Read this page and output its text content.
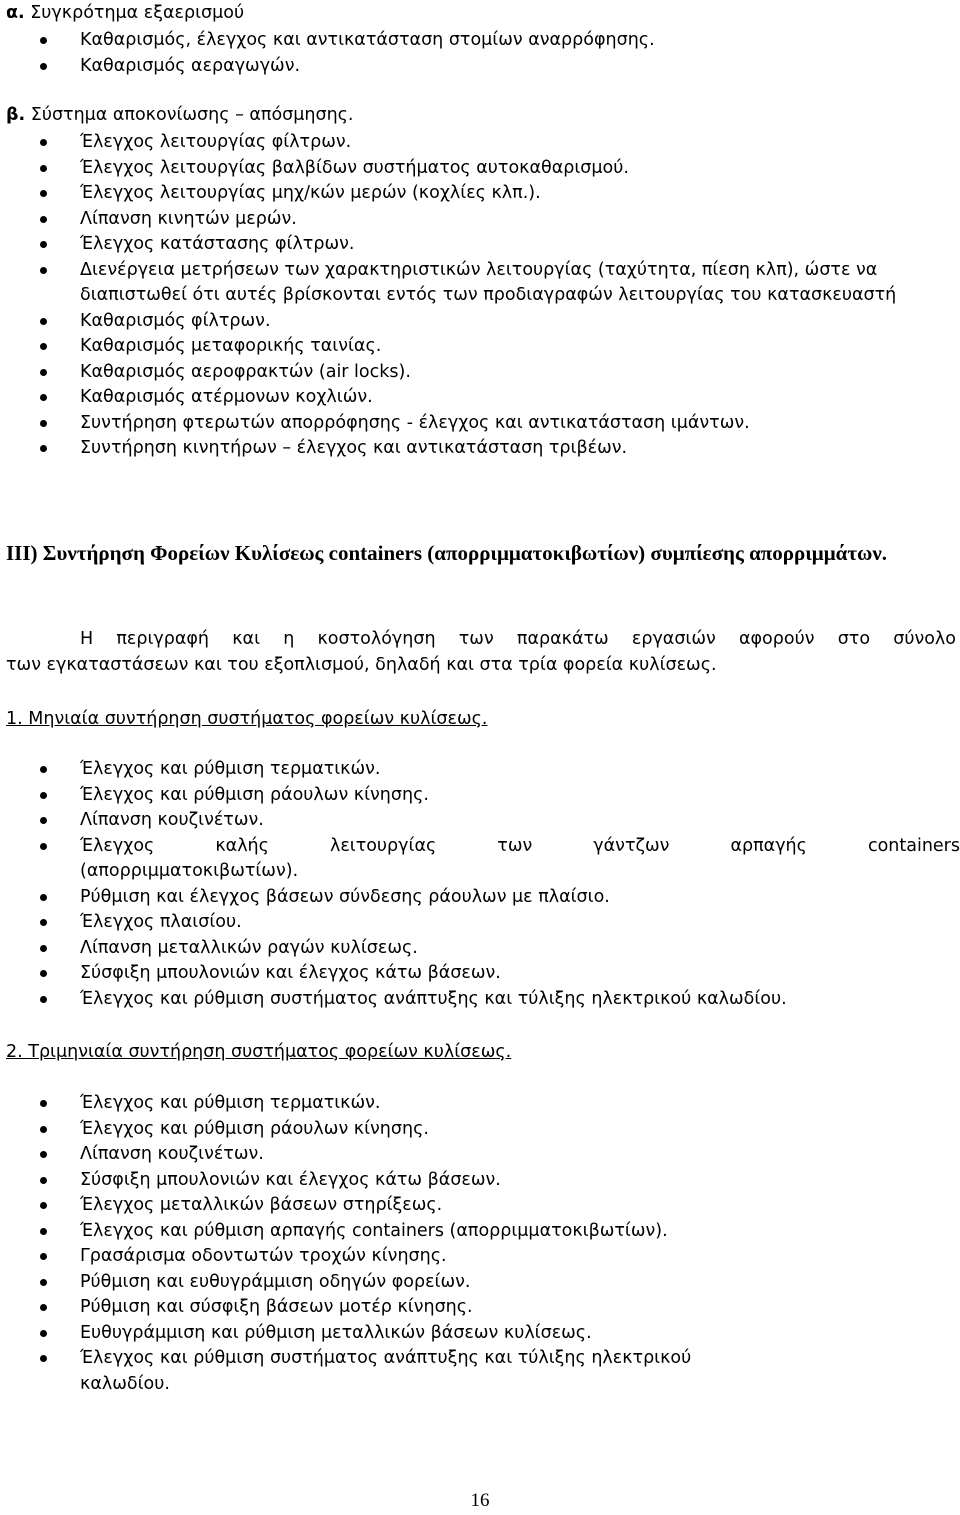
α. Συγκρότημα εξαερισμού
Καθαρισμός, έλεγχος και αντικατάσταση στομίων αναρρόφησης.
Καθαρισμός αεραγωγών.
β. Σύστημα αποκονίωσης – απόσμησης.
Έλεγχος λειτουργίας φίλτρων.
Έλεγχος λειτουργίας βαλβίδων συστήματος αυτοκαθαρισμού.
Έλεγχος λειτουργίας μηχ/κών μερών (κοχλίες κλπ.).
Λίπανση κινητών μερών.
Έλεγχος κατάστασης φίλτρων.
Διενέργεια μετρήσεων των χαρακτηριστικών λειτουργίας (ταχύτητα, πίεση κλπ), ώστε να διαπιστωθεί ότι αυτές βρίσκονται εντός των προδιαγραφών λειτουργίας του κατασκευαστή
Καθαρισμός φίλτρων.
Καθαρισμός μεταφορικής ταινίας.
Καθαρισμός αεροφρακτών (air locks).
Καθαρισμός ατέρμονων κοχλιών.
Συντήρηση φτερωτών απορρόφησης - έλεγχος και αντικατάσταση ιμάντων.
Συντήρηση κινητήρων – έλεγχος και αντικατάσταση τριβέων.
ΙΙΙ) Συντήρηση Φορείων Κυλίσεως containers (απορριμματοκιβωτίων) συμπίεσης απορριμμάτων.
Η περιγραφή και η κοστολόγηση των παρακάτω εργασιών αφορούν στο σύνολο
των εγκαταστάσεων και του εξοπλισμού, δηλαδή και στα τρία φορεία κυλίσεως.
1. Μηνιαία συντήρηση συστήματος φορείων κυλίσεως.
Έλεγχος και ρύθμιση τερματικών.
Έλεγχος και ρύθμιση ράουλων κίνησης.
Λίπανση κουζινέτων.
Έλεγχος καλής λειτουργίας των γάντζων αρπαγής containers
(απορριμματοκιβωτίων).
Ρύθμιση και έλεγχος βάσεων σύνδεσης ράουλων με πλαίσιο.
Έλεγχος πλαισίου.
Λίπανση μεταλλικών ραγών κυλίσεως.
Σύσφιξη μπουλονιών και έλεγχος κάτω βάσεων.
Έλεγχος και ρύθμιση συστήματος ανάπτυξης και τύλιξης ηλεκτρικού καλωδίου.
2. Τριμηνιαία συντήρηση συστήματος φορείων κυλίσεως.
Έλεγχος και ρύθμιση τερματικών.
Έλεγχος και ρύθμιση ράουλων κίνησης.
Λίπανση κουζινέτων.
Σύσφιξη μπουλονιών και έλεγχος κάτω βάσεων.
Έλεγχος μεταλλικών βάσεων στηρίξεως.
Έλεγχος και ρύθμιση αρπαγής containers (απορριμματοκιβωτίων).
Γρασάρισμα οδοντωτών τροχών κίνησης.
Ρύθμιση και ευθυγράμμιση οδηγών φορείων.
Ρύθμιση και σύσφιξη βάσεων μοτέρ κίνησης.
Ευθυγράμμιση και ρύθμιση μεταλλικών βάσεων κυλίσεως.
Έλεγχος και ρύθμιση συστήματος ανάπτυξης και τύλιξης ηλεκτρικού
καλωδίου.
16
